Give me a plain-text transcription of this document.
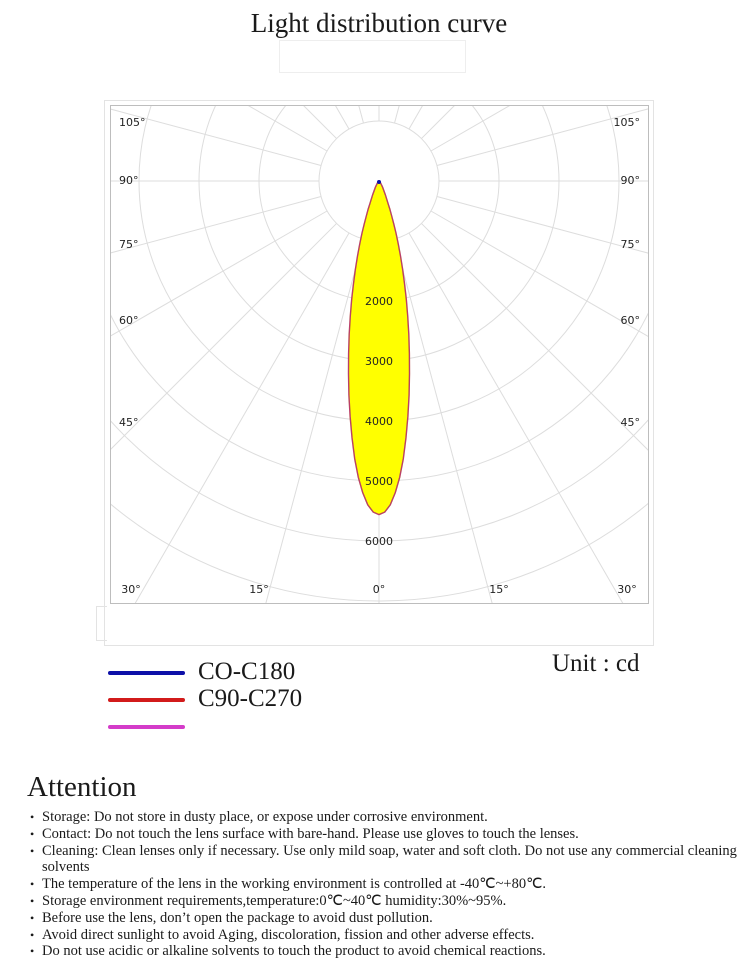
Light distribution curve
105°
90°
75°
60°
45°
105°
90°
75°
60°
45°
30°	15°	0°	15°	30°
2000
3000
4000
5000
6000
CO-C180
C90-C270
Unit : cd
Attention
• Storage: Do not store in dusty place, or expose under corrosive environment.
• Contact: Do not touch the lens surface with bare-hand. Please use gloves to touch the lenses.
• Cleaning: Clean lenses only if necessary. Use only mild soap, water and soft cloth. Do not use any commercial cleaning solvents
• The temperature of the lens in the working environment is controlled at -40℃~+80℃.
• Storage environment requirements,temperature:0℃~40℃ humidity:30%~95%.
• Before use the lens, don’t open the package to avoid dust pollution.
• Avoid direct sunlight to avoid Aging, discoloration, fission and other adverse effects.
• Do not use acidic or alkaline solvents to touch the product to avoid chemical reactions.
